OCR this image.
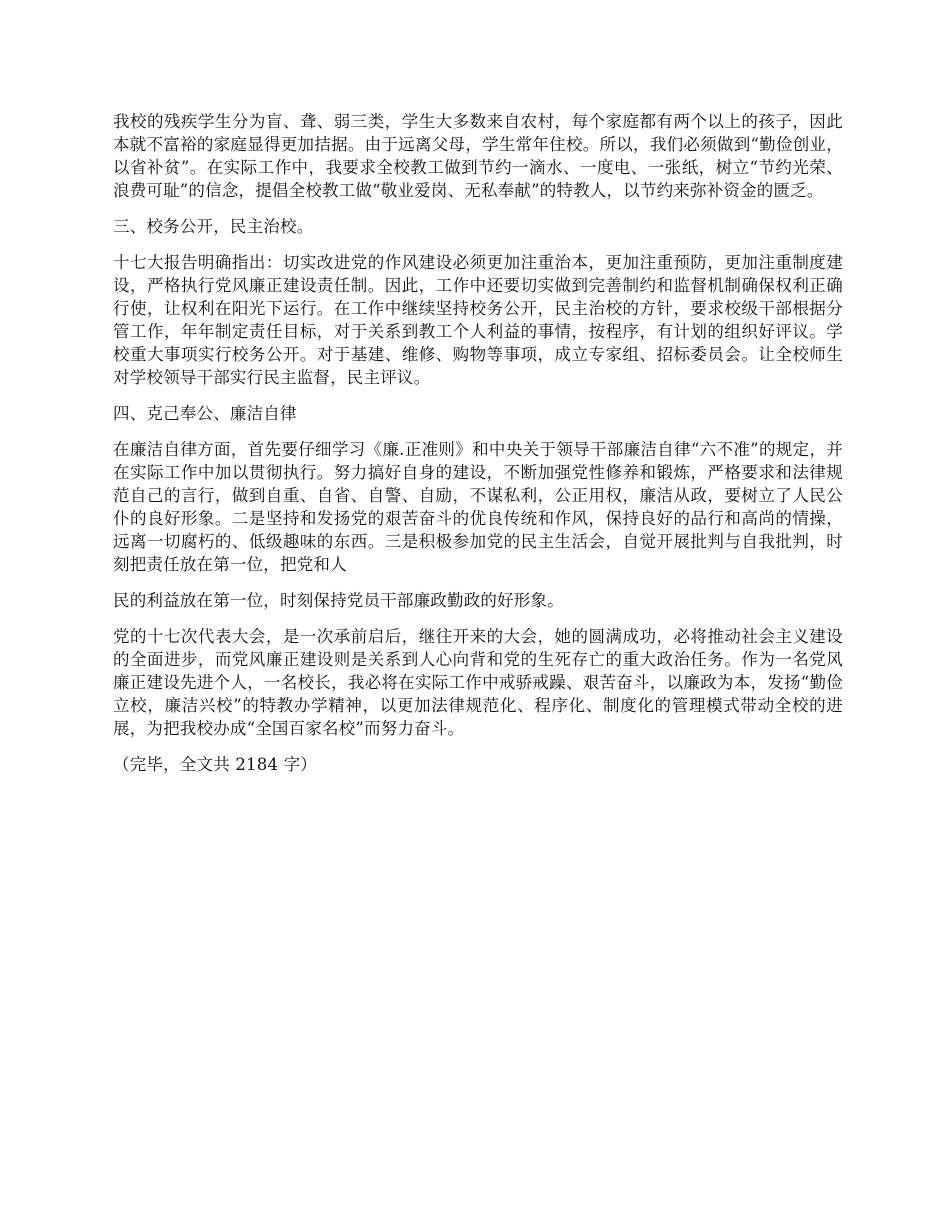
我校的残疾学生分为盲、聋、弱三类，学生大多数来自农村，每个家庭都有两个以上的孩子，因此本就不富裕的家庭显得更加拮据。由于远离父母，学生常年住校。所以，我们必须做到“勤俭创业，以省补贫”。在实际工作中，我要求全校教工做到节约一滴水、一度电、一张纸，树立“节约光荣、浪费可耻”的信念，提倡全校教工做“敬业爱岗、无私奉献”的特教人，以节约来弥补资金的匮乏。

三、校务公开，民主治校。

十七大报告明确指出：切实改进党的作风建设必须更加注重治本，更加注重预防，更加注重制度建设，严格执行党风廉正建设责任制。因此，工作中还要切实做到完善制约和监督机制确保权利正确行使，让权利在阳光下运行。在工作中继续坚持校务公开，民主治校的方针，要求校级干部根据分管工作，年年制定责任目标，对于关系到教工个人利益的事情，按程序，有计划的组织好评议。学校重大事项实行校务公开。对于基建、维修、购物等事项，成立专家组、招标委员会。让全校师生对学校领导干部实行民主监督，民主评议。

四、克己奉公、廉洁自律

在廉洁自律方面，首先要仔细学习《廉.正准则》和中央关于领导干部廉洁自律“六不准”的规定，并在实际工作中加以贯彻执行。努力搞好自身的建设，不断加强党性修养和锻炼，严格要求和法律规范自己的言行，做到自重、自省、自警、自励，不谋私利，公正用权，廉洁从政，要树立了人民公仆的良好形象。二是坚持和发扬党的艰苦奋斗的优良传统和作风，保持良好的品行和高尚的情操，远离一切腐朽的、低级趣味的东西。三是积极参加党的民主生活会，自觉开展批判与自我批判，时刻把责任放在第一位，把党和人

民的利益放在第一位，时刻保持党员干部廉政勤政的好形象。

党的十七次代表大会，是一次承前启后，继往开来的大会，她的圆满成功，必将推动社会主义建设的全面进步，而党风廉正建设则是关系到人心向背和党的生死存亡的重大政治任务。作为一名党风廉正建设先进个人，一名校长，我必将在实际工作中戒骄戒躁、艰苦奋斗，以廉政为本，发扬“勤俭立校，廉洁兴校”的特教办学精神，以更加法律规范化、程序化、制度化的管理模式带动全校的进展，为把我校办成“全国百家名校”而努力奋斗。

（完毕，全文共 2184 字）
